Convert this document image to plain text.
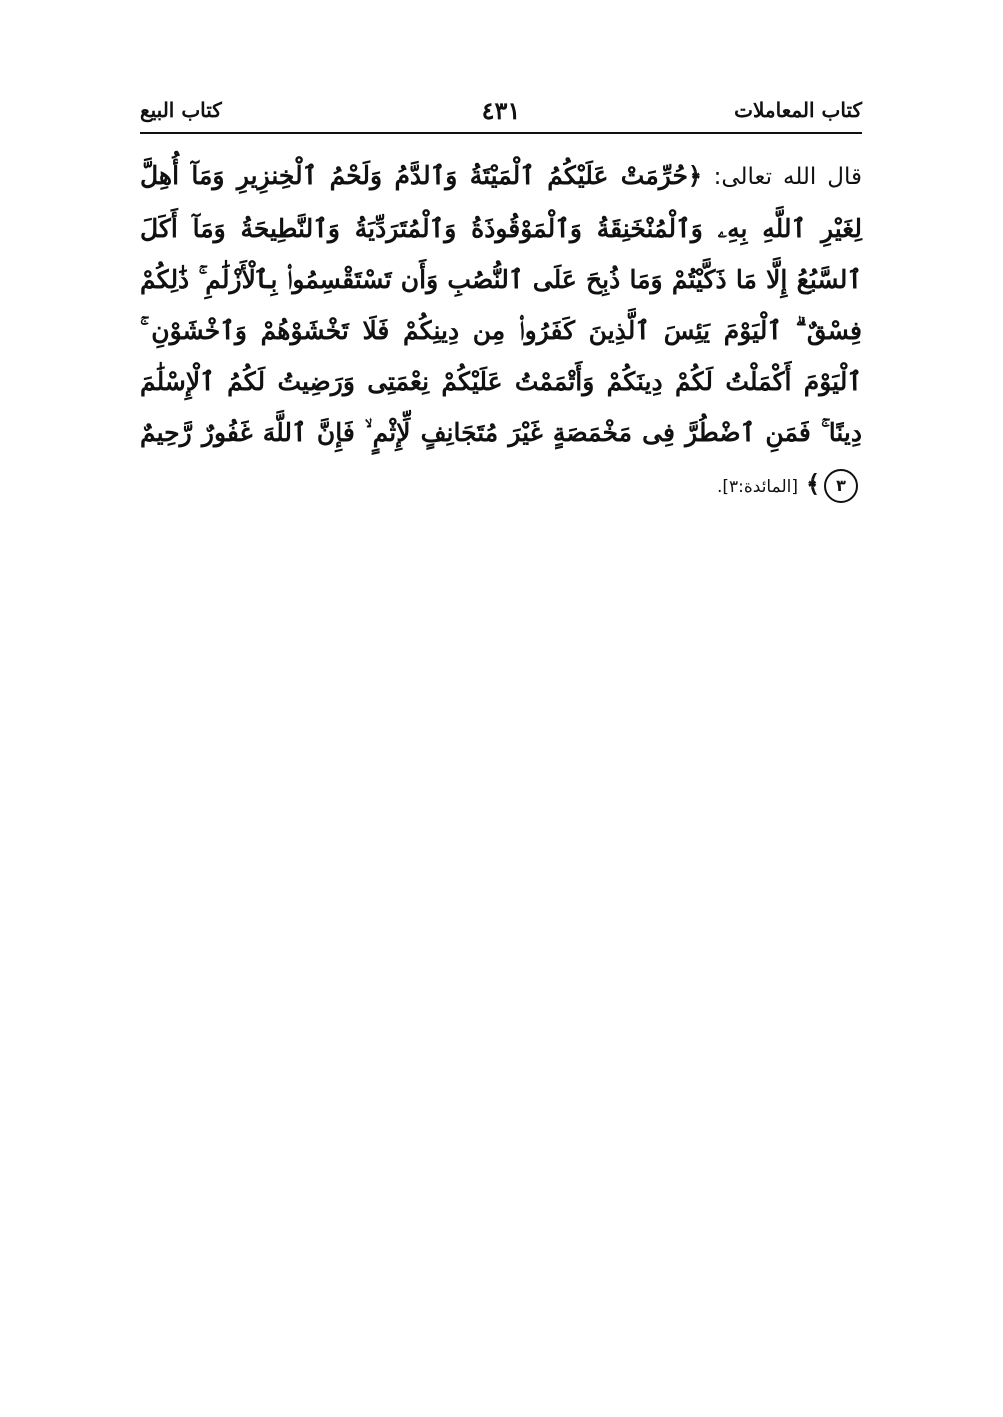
كتاب المعاملات
٤٣١
كتاب البيع
قال الله تعالى: ﴿حُرِّمَتْ عَلَيْكُمُ ٱلْمَيْتَةُ وَٱلدَّمُ وَلَحْمُ ٱلْخِنزِيرِ وَمَآ أُهِلَّ لِغَيْرِ ٱللَّهِ بِهِۦ وَٱلْمُنْخَنِقَةُ وَٱلْمَوْقُوذَةُ وَٱلْمُتَرَدِّيَةُ وَٱلنَّطِيحَةُ وَمَآ أَكَلَ ٱلسَّبُعُ إِلَّا مَا ذَكَّيْتُمْ وَمَا ذُبِحَ عَلَى ٱلنُّصُبِ وَأَن تَسْتَقْسِمُوا۟ بِٱلْأَزْلَٰمِ ۚ ذَٰلِكُمْ فِسْقٌ ۗ ٱلْيَوْمَ يَئِسَ ٱلَّذِينَ كَفَرُوا۟ مِن دِينِكُمْ فَلَا تَخْشَوْهُمْ وَٱخْشَوْنِ ۚ ٱلْيَوْمَ أَكْمَلْتُ لَكُمْ دِينَكُمْ وَأَتْمَمْتُ عَلَيْكُمْ نِعْمَتِى وَرَضِيتُ لَكُمُ ٱلْإِسْلَٰمَ دِينًا ۚ فَمَنِ ٱضْطُرَّ فِى مَخْمَصَةٍ غَيْرَ مُتَجَانِفٍ لِّإِثْمٍ ۙ فَإِنَّ ٱللَّهَ غَفُورٌ رَّحِيمٌ ٣﴾ [المائدة:٣].
